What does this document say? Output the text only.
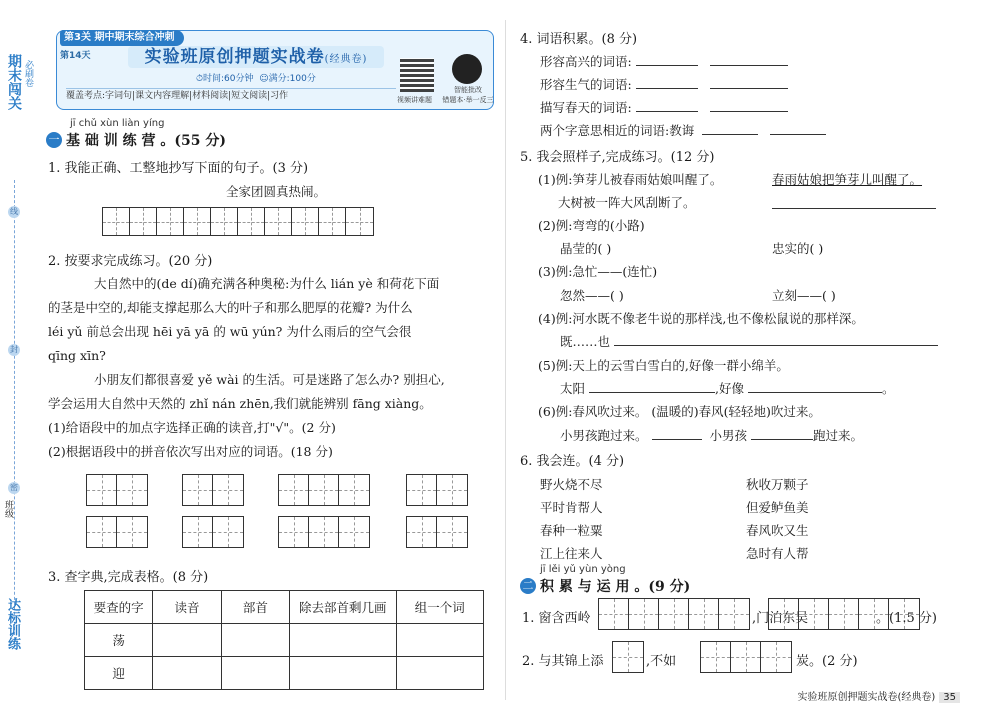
期末闯关 必刷卷
线
封
密
班级
达标训练
第3关 期中期末综合冲刺
第14天	实验班原创押题实战卷(经典卷)
⏱时间:60分钟 ☺满分:100分
覆盖考点:字词句|课文内容理解|材料阅读|短文阅读|习作	视频讲难题
智能批改
错题本·举一反三
jī chǔ xùn liàn yíng
一 基 础 训 练 营 。(55 分)
1. 我能正确、工整地抄写下面的句子。(3 分)
全家团圆真热闹。
2. 按要求完成练习。(20 分)
大自然中的(de dí)确充满各种奥秘:为什么 lián yè 和荷花下面
的茎是中空的,却能支撑起那么大的叶子和那么肥厚的花瓣? 为什么
léi yǔ 前总会出现 hēi yā yā 的 wū yún? 为什么雨后的空气会很
qīng xīn?
小朋友们都很喜爱 yě wài 的生活。可是迷路了怎么办? 别担心,
学会运用大自然中天然的 zhǐ nán zhēn,我们就能辨别 fāng xiàng。
(1)给语段中的加点字选择正确的读音,打"√"。(2 分)
(2)根据语段中的拼音依次写出对应的词语。(18 分)
3. 查字典,完成表格。(8 分)
要查的字	读音	部首	除去部首剩几画	组一个词
荡				
迎				
4. 词语积累。(8 分)
形容高兴的词语:
形容生气的词语:
描写春天的词语:
两个字意思相近的词语:教诲
5. 我会照样子,完成练习。(12 分)
(1)例:笋芽儿被春雨姑娘叫醒了。	春雨姑娘把笋芽儿叫醒了。
大树被一阵大风刮断了。
(2)例:弯弯的(小路)
晶莹的( )	忠实的( )
(3)例:急忙——(连忙)
忽然——( )	立刻——( )
(4)例:河水既不像老牛说的那样浅,也不像松鼠说的那样深。
既……也
(5)例:天上的云雪白雪白的,好像一群小绵羊。
太阳	,好像	。
(6)例:春风吹过来。 (温暖的)春风(轻轻地)吹过来。
小男孩跑过来。	小男孩	跑过来。
6. 我会连。(4 分)
野火烧不尽
平时肯帮人
春种一粒粟
江上往来人
秋收万颗子
但爱鲈鱼美
春风吹又生
急时有人帮
jī lěi yǔ yùn yòng
二 积 累 与 运 用 。(9 分)
1. 窗含西岭	,门泊东吴	。(1.5 分)
2. 与其锦上添	,不如	炭。(2 分)
实验班原创押题实战卷(经典卷) 35
